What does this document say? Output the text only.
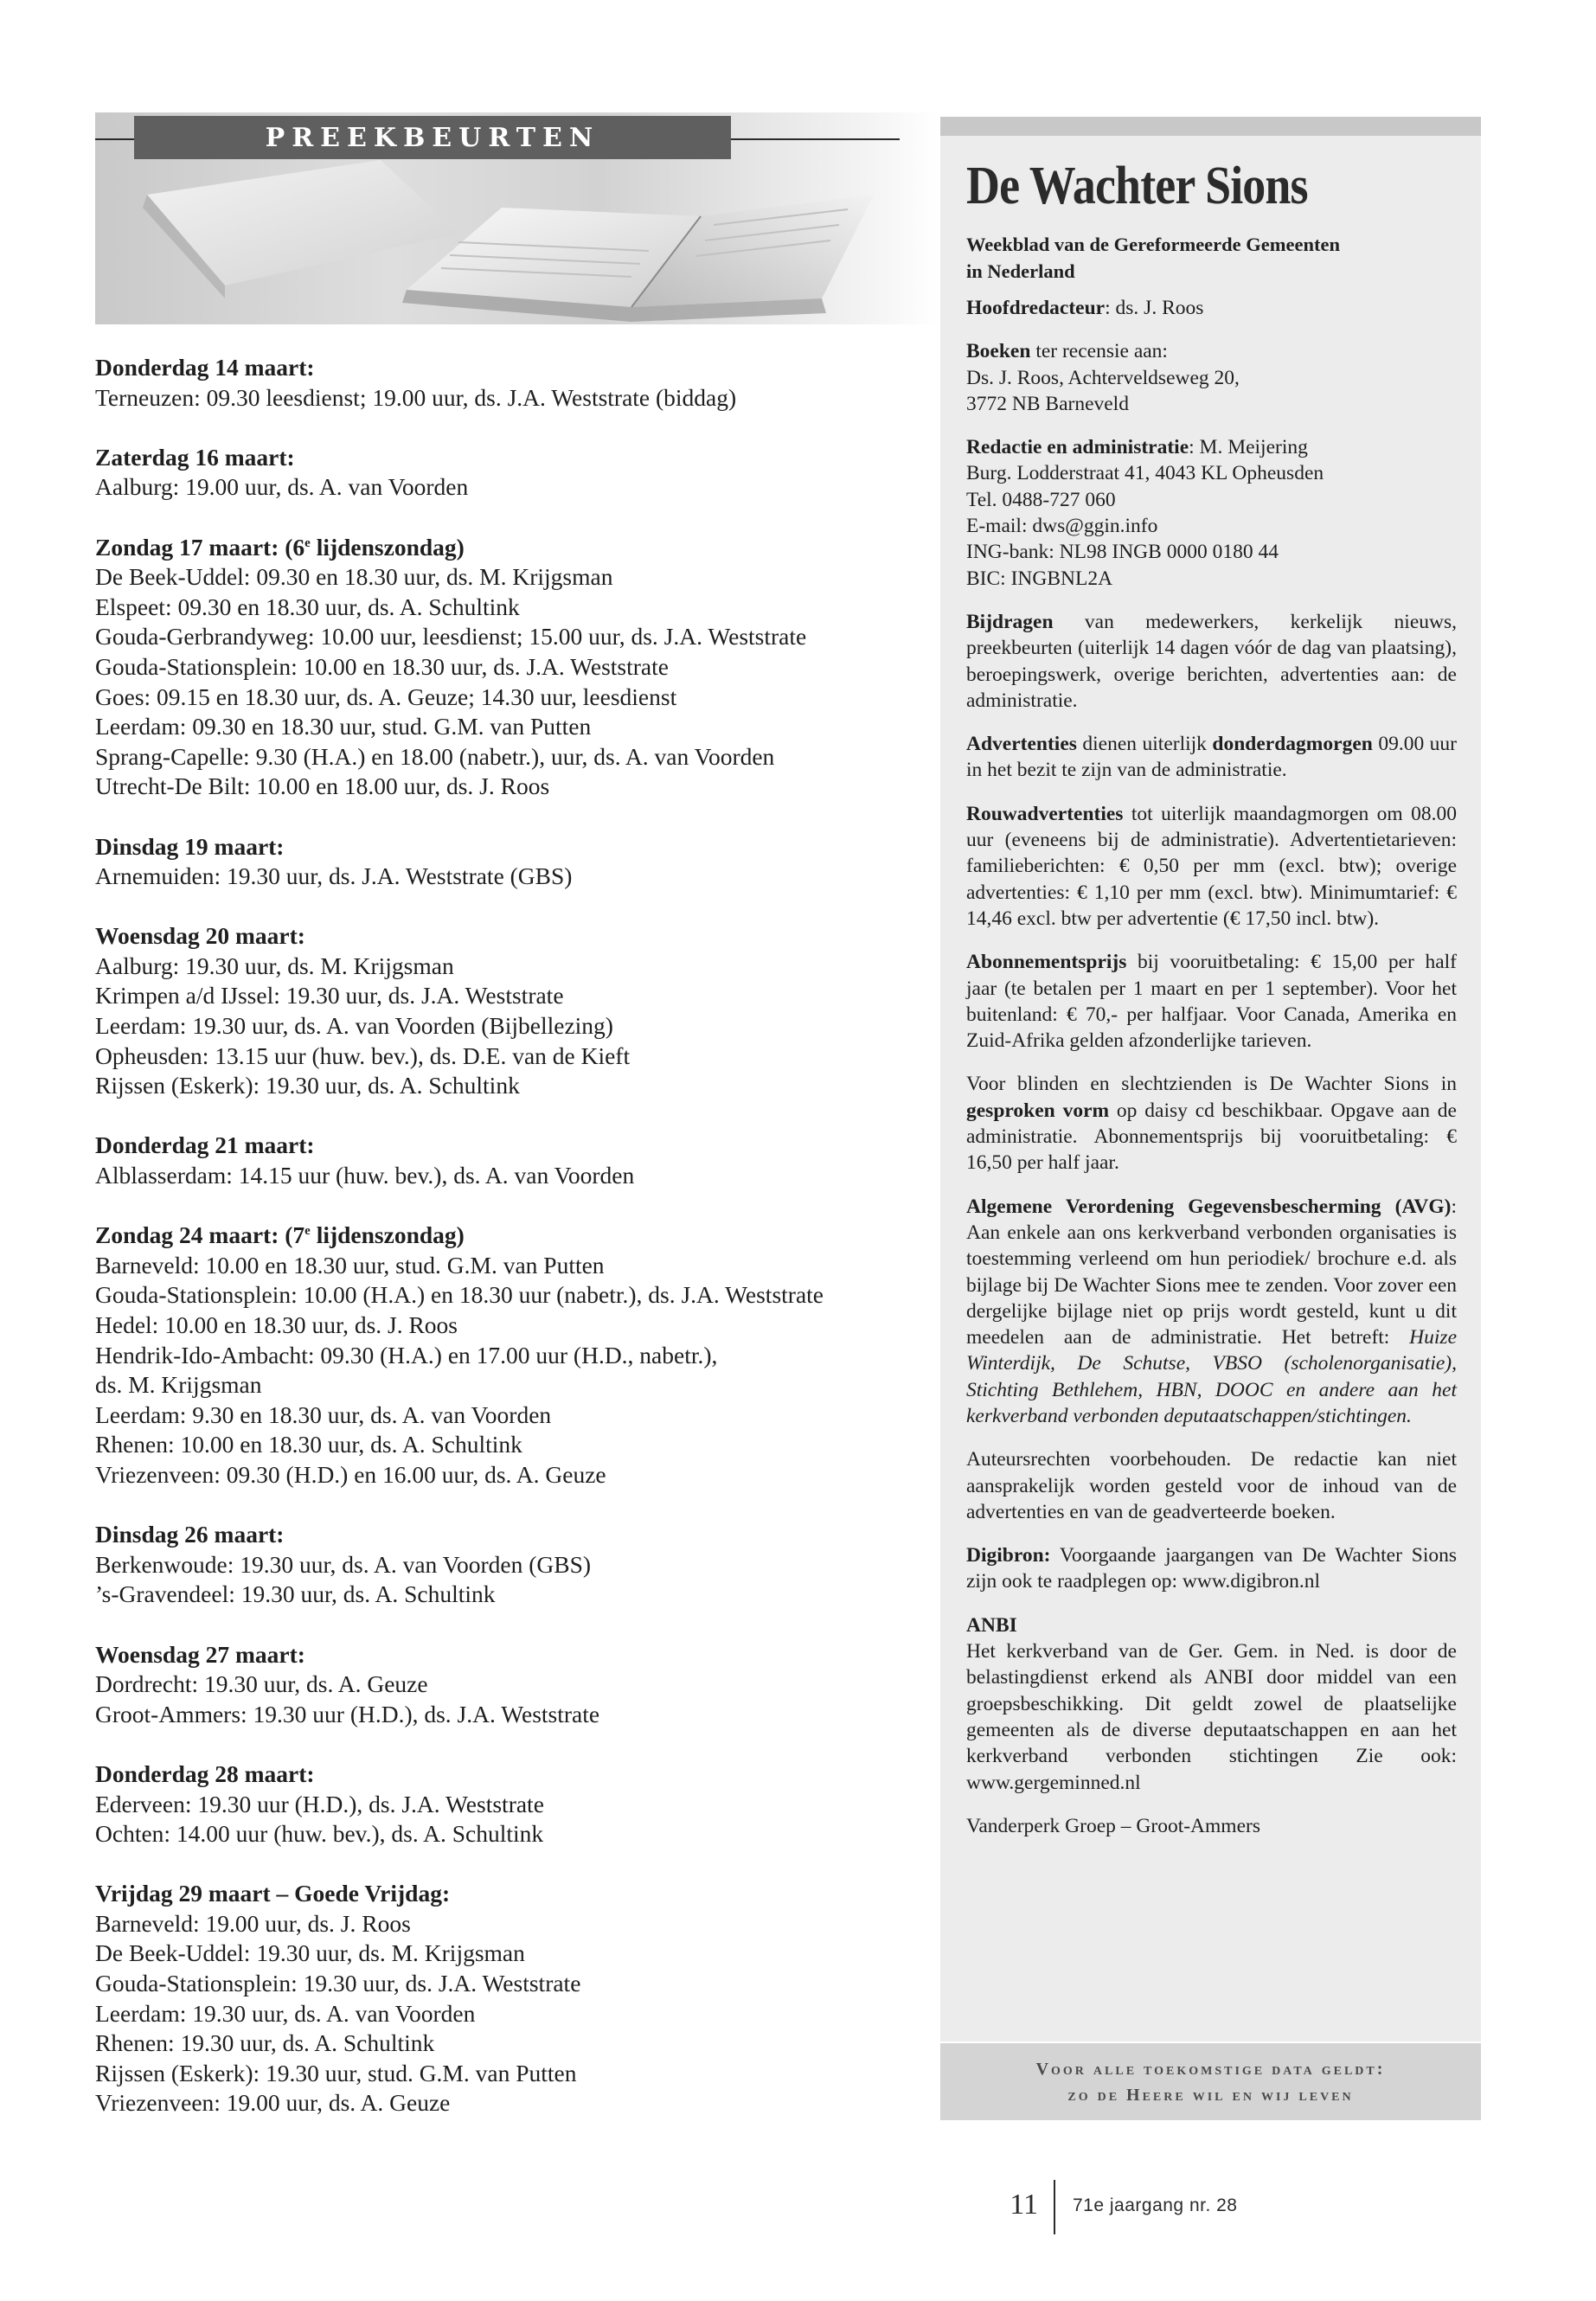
PREEKBEURTEN
Donderdag 14 maart:
Terneuzen: 09.30 leesdienst; 19.00 uur, ds. J.A. Weststrate (biddag)
Zaterdag 16 maart:
Aalburg: 19.00 uur, ds. A. van Voorden
Zondag 17 maart: (6e lijdenszondag)
De Beek-Uddel: 09.30 en 18.30 uur, ds. M. Krijgsman
Elspeet: 09.30 en 18.30 uur, ds. A. Schultink
Gouda-Gerbrandyweg: 10.00 uur, leesdienst; 15.00 uur, ds. J.A. Weststrate
Gouda-Stationsplein: 10.00 en 18.30 uur, ds. J.A. Weststrate
Goes: 09.15 en 18.30 uur, ds. A. Geuze; 14.30 uur, leesdienst
Leerdam: 09.30 en 18.30 uur, stud. G.M. van Putten
Sprang-Capelle: 9.30 (H.A.) en 18.00 (nabetr.), uur, ds. A. van Voorden
Utrecht-De Bilt: 10.00 en 18.00 uur, ds. J. Roos
Dinsdag 19 maart:
Arnemuiden: 19.30 uur, ds. J.A. Weststrate (GBS)
Woensdag 20 maart:
Aalburg: 19.30 uur, ds. M. Krijgsman
Krimpen a/d IJssel: 19.30 uur, ds. J.A. Weststrate
Leerdam: 19.30 uur, ds. A. van Voorden (Bijbellezing)
Opheusden: 13.15 uur (huw. bev.), ds. D.E. van de Kieft
Rijssen (Eskerk): 19.30 uur, ds. A. Schultink
Donderdag 21 maart:
Alblasserdam: 14.15 uur (huw. bev.), ds. A. van Voorden
Zondag 24 maart: (7e lijdenszondag)
Barneveld: 10.00 en 18.30 uur, stud. G.M. van Putten
Gouda-Stationsplein: 10.00 (H.A.) en 18.30 uur (nabetr.), ds. J.A. Weststrate
Hedel: 10.00 en 18.30 uur, ds. J. Roos
Hendrik-Ido-Ambacht: 09.30 (H.A.) en 17.00 uur (H.D., nabetr.),
ds. M. Krijgsman
Leerdam: 9.30 en 18.30 uur, ds. A. van Voorden
Rhenen: 10.00 en 18.30 uur, ds. A. Schultink
Vriezenveen: 09.30 (H.D.) en 16.00 uur, ds. A. Geuze
Dinsdag 26 maart:
Berkenwoude: 19.30 uur, ds. A. van Voorden (GBS)
’s-Gravendeel: 19.30 uur, ds. A. Schultink
Woensdag 27 maart:
Dordrecht: 19.30 uur, ds. A. Geuze
Groot-Ammers: 19.30 uur (H.D.), ds. J.A. Weststrate
Donderdag 28 maart:
Ederveen: 19.30 uur (H.D.), ds. J.A. Weststrate
Ochten: 14.00 uur (huw. bev.), ds. A. Schultink
Vrijdag 29 maart – Goede Vrijdag:
Barneveld: 19.00 uur, ds. J. Roos
De Beek-Uddel: 19.30 uur, ds. M. Krijgsman
Gouda-Stationsplein: 19.30 uur, ds. J.A. Weststrate
Leerdam: 19.30 uur, ds. A. van Voorden
Rhenen: 19.30 uur, ds. A. Schultink
Rijssen (Eskerk): 19.30 uur, stud. G.M. van Putten
Vriezenveen: 19.00 uur, ds. A. Geuze
De Wachter Sions
Weekblad van de Gereformeerde Gemeenten
in Nederland

Hoofdredacteur: ds. J. Roos

Boeken ter recensie aan:
Ds. J. Roos, Achterveldseweg 20,
3772 NB Barneveld

Redactie en administratie: M. Meijering
Burg. Lodderstraat 41, 4043 KL Opheusden
Tel. 0488-727 060
E-mail: dws@ggin.info
ING-bank: NL98 INGB 0000 0180 44
BIC: INGBNL2A

Bijdragen van medewerkers, kerkelijk nieuws, preekbeurten (uiterlijk 14 dagen vóór de dag van plaatsing), beroepingswerk, overige berichten, advertenties aan: de administratie.

Advertenties dienen uiterlijk donderdagmorgen 09.00 uur in het bezit te zijn van de administratie.

Rouwadvertenties tot uiterlijk maandagmorgen om 08.00 uur (eveneens bij de administratie). Advertentietarieven: familieberichten: € 0,50 per mm (excl. btw); overige advertenties: € 1,10 per mm (excl. btw). Minimumtarief: € 14,46 excl. btw per advertentie (€ 17,50 incl. btw).

Abonnementsprijs bij vooruitbetaling: € 15,00 per half jaar (te betalen per 1 maart en per 1 september). Voor het buitenland: € 70,- per halfjaar. Voor Canada, Amerika en Zuid-Afrika gelden afzonderlijke tarieven.

Voor blinden en slechtzienden is De Wachter Sions in gesproken vorm op daisy cd beschikbaar. Opgave aan de administratie. Abonnementsprijs bij vooruitbetaling: € 16,50 per half jaar.

Algemene Verordening Gegevensbescherming (AVG): Aan enkele aan ons kerkverband verbonden organisaties is toestemming verleend om hun periodiek/ brochure e.d. als bijlage bij De Wachter Sions mee te zenden. Voor zover een dergelijke bijlage niet op prijs wordt gesteld, kunt u dit meedelen aan de administratie. Het betreft: Huize Winterdijk, De Schutse, VBSO (scholenorganisatie), Stichting Bethlehem, HBN, DOOC en andere aan het kerkverband verbonden deputaatschappen/stichtingen.

Auteursrechten voorbehouden. De redactie kan niet aansprakelijk worden gesteld voor de inhoud van de advertenties en van de geadverteerde boeken.

Digibron: Voorgaande jaargangen van De Wachter Sions zijn ook te raadplegen op: www.digibron.nl

ANBI
Het kerkverband van de Ger. Gem. in Ned. is door de belastingdienst erkend als ANBI door middel van een groepsbeschikking. Dit geldt zowel de plaatselijke gemeenten als de diverse deputaatschappen en aan het kerkverband verbonden stichtingen Zie ook: www.gergeminned.nl

Vanderperk Groep – Groot-Ammers

Voor alle toekomstige data geldt:
zo de Heere wil en wij leven
11 71e jaargang nr. 28
